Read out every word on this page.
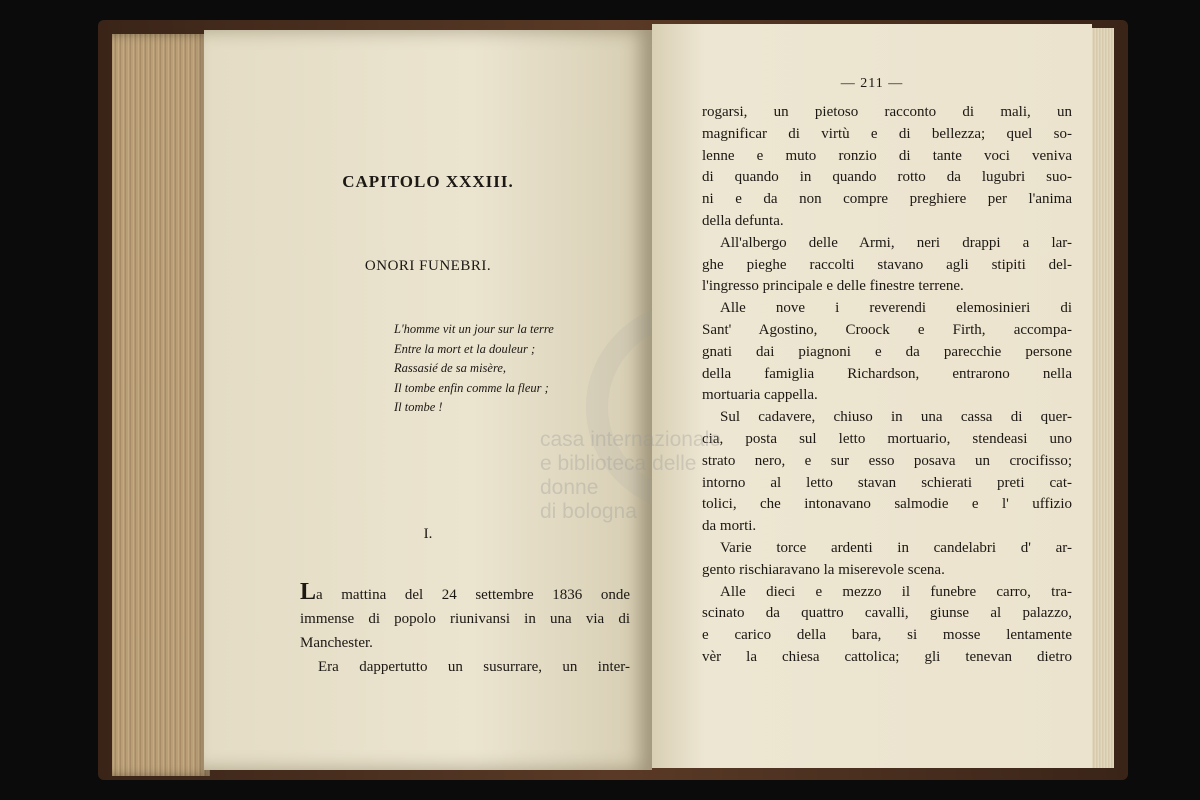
CAPITOLO XXXIII.
ONORI FUNEBRI.
L'homme vit un jour sur la terre
Entre la mort et la douleur ;
Rassasié de sa misère,
Il tombe enfin comme la fleur ;
Il tombe !
I.
La mattina del 24 settembre 1836 onde
immense di popolo riunivansi in una via di
Manchester.
Era dappertutto un susurrare, un inter-
— 211 —
rogarsi, un pietoso racconto di mali, un
magnificar di virtù e di bellezza; quel so-
lenne e muto ronzio di tante voci veniva
di quando in quando rotto da lugubri suo-
ni e da non compre preghiere per l'anima
della defunta.
All'albergo delle Armi, neri drappi a lar-
ghe pieghe raccolti stavano agli stipiti del-
l'ingresso principale e delle finestre terrene.
Alle nove i reverendi elemosinieri di
Sant' Agostino, Croock e Firth, accompa-
gnati dai piagnoni e da parecchie persone
della famiglia Richardson, entrarono nella
mortuaria cappella.
Sul cadavere, chiuso in una cassa di quer-
cia, posta sul letto mortuario, stendeasi uno
strato nero, e sur esso posava un crocifisso;
intorno al letto stavan schierati preti cat-
tolici, che intonavano salmodie e l' uffizio
da morti.
Varie torce ardenti in candelabri d' ar-
gento rischiaravano la miserevole scena.
Alle dieci e mezzo il funebre carro, tra-
scinato da quattro cavalli, giunse al palazzo,
e carico della bara, si mosse lentamente
vèr la chiesa cattolica; gli tenevan dietro
casa internazionale
e biblioteca delle donne
di bologna
